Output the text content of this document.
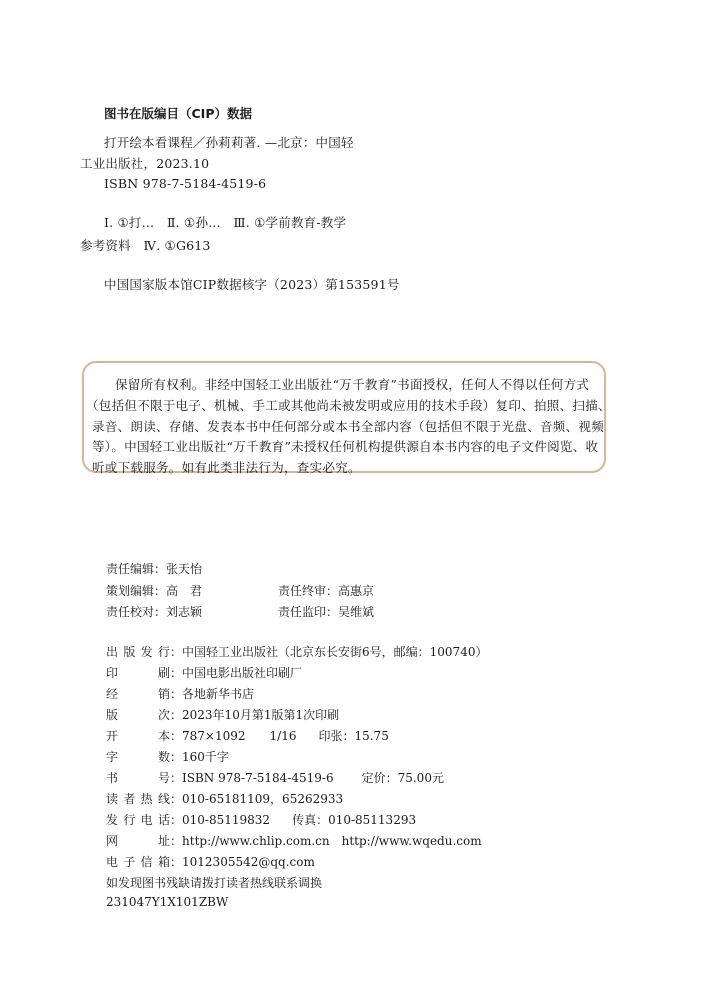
图书在版编目（CIP）数据
打开绘本看课程／孙莉莉著. —北京：中国轻
工业出版社，2023.10
ISBN 978-7-5184-4519-6
Ⅰ. ①打…　Ⅱ. ①孙…　Ⅲ. ①学前教育-教学
参考资料　Ⅳ. ①G613
中国国家版本馆CIP数据核字（2023）第153591号
保留所有权利。非经中国轻工业出版社“万千教育”书面授权，任何人不得以任何方式
（包括但不限于电子、机械、手工或其他尚未被发明或应用的技术手段）复印、拍照、扫描、
录音、朗读、存储、发表本书中任何部分或本书全部内容（包括但不限于光盘、音频、视频
等）。中国轻工业出版社“万千教育”未授权任何机构提供源自本书内容的电子文件阅览、收
听或下载服务。如有此类非法行为，查实必究。
责任编辑：张天怡
策划编辑：高　君	责任终审：高惠京
责任校对：刘志颖	责任监印：吴维斌
出版发行：中国轻工业出版社（北京东长安街6号，邮编：100740）
印刷：中国电影出版社印刷厂
经销：各地新华书店
版次：2023年10月第1版第1次印刷
开本：787×1092　　1/16 印张：15.75
字数：160千字
书号：ISBN 978-7-5184-4519-6 定价：75.00元
读者热线：010-65181109，65262933
发行电话：010-85119832 传真：010-85113293
网址：http://www.chlip.com.cn　http://www.wqedu.com
电子信箱：1012305542@qq.com
如发现图书残缺请拨打读者热线联系调换
231047Y1X101ZBW
